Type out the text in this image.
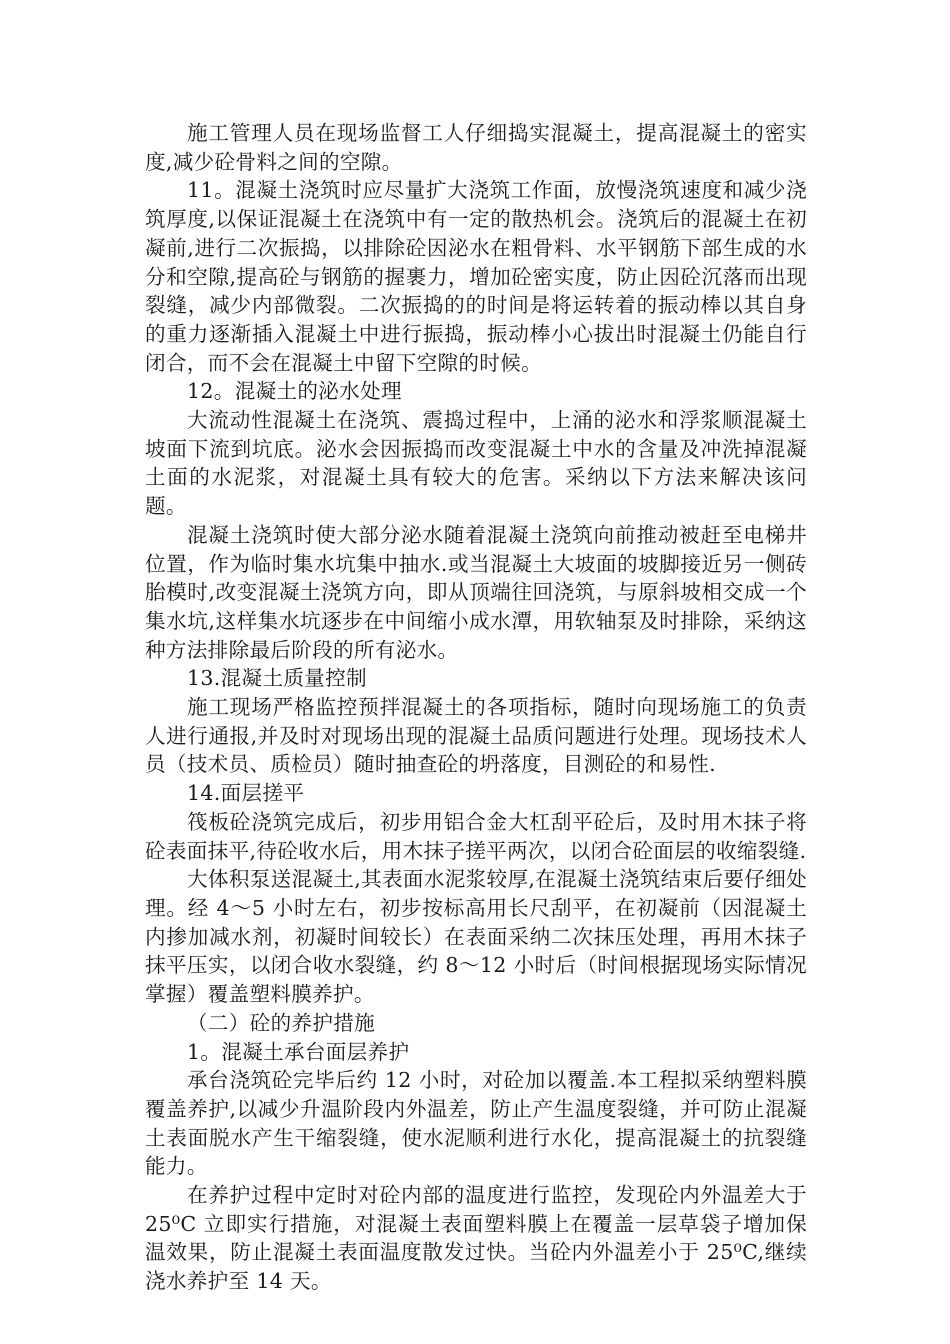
施工管理人员在现场监督工人仔细捣实混凝土，提高混凝土的密实度,减少砼骨料之间的空隙。

11。混凝土浇筑时应尽量扩大浇筑工作面，放慢浇筑速度和减少浇筑厚度,以保证混凝土在浇筑中有一定的散热机会。浇筑后的混凝土在初凝前,进行二次振捣，以排除砼因泌水在粗骨料、水平钢筋下部生成的水分和空隙,提高砼与钢筋的握裹力，增加砼密实度，防止因砼沉落而出现裂缝，减少内部微裂。二次振捣的的时间是将运转着的振动棒以其自身的重力逐渐插入混凝土中进行振捣，振动棒小心拔出时混凝土仍能自行闭合，而不会在混凝土中留下空隙的时候。

12。混凝土的泌水处理

大流动性混凝土在浇筑、震捣过程中，上涌的泌水和浮浆顺混凝土坡面下流到坑底。泌水会因振捣而改变混凝土中水的含量及冲洗掉混凝土面的水泥浆，对混凝土具有较大的危害。采纳以下方法来解决该问题。

混凝土浇筑时使大部分泌水随着混凝土浇筑向前推动被赶至电梯井位置，作为临时集水坑集中抽水.或当混凝土大坡面的坡脚接近另一侧砖胎模时,改变混凝土浇筑方向，即从顶端往回浇筑，与原斜坡相交成一个集水坑,这样集水坑逐步在中间缩小成水潭，用软轴泵及时排除，采纳这种方法排除最后阶段的所有泌水。

13.混凝土质量控制

施工现场严格监控预拌混凝土的各项指标，随时向现场施工的负责人进行通报,并及时对现场出现的混凝土品质问题进行处理。现场技术人员（技术员、质检员）随时抽查砼的坍落度，目测砼的和易性.

14.面层搓平

筏板砼浇筑完成后，初步用铝合金大杠刮平砼后，及时用木抹子将砼表面抹平,待砼收水后，用木抹子搓平两次，以闭合砼面层的收缩裂缝.

大体积泵送混凝土,其表面水泥浆较厚,在混凝土浇筑结束后要仔细处理。经 4～5 小时左右，初步按标高用长尺刮平，在初凝前（因混凝土内掺加减水剂，初凝时间较长）在表面采纳二次抹压处理，再用木抹子抹平压实，以闭合收水裂缝，约 8～12 小时后（时间根据现场实际情况掌握）覆盖塑料膜养护。

（二）砼的养护措施

1。混凝土承台面层养护

承台浇筑砼完毕后约 12 小时，对砼加以覆盖.本工程拟采纳塑料膜覆盖养护,以减少升温阶段内外温差，防止产生温度裂缝，并可防止混凝土表面脱水产生干缩裂缝，使水泥顺利进行水化，提高混凝土的抗裂缝能力。

在养护过程中定时对砼内部的温度进行监控，发现砼内外温差大于 25⁰C 立即实行措施，对混凝土表面塑料膜上在覆盖一层草袋子增加保温效果，防止混凝土表面温度散发过快。当砼内外温差小于 25⁰C,继续浇水养护至 14 天。
